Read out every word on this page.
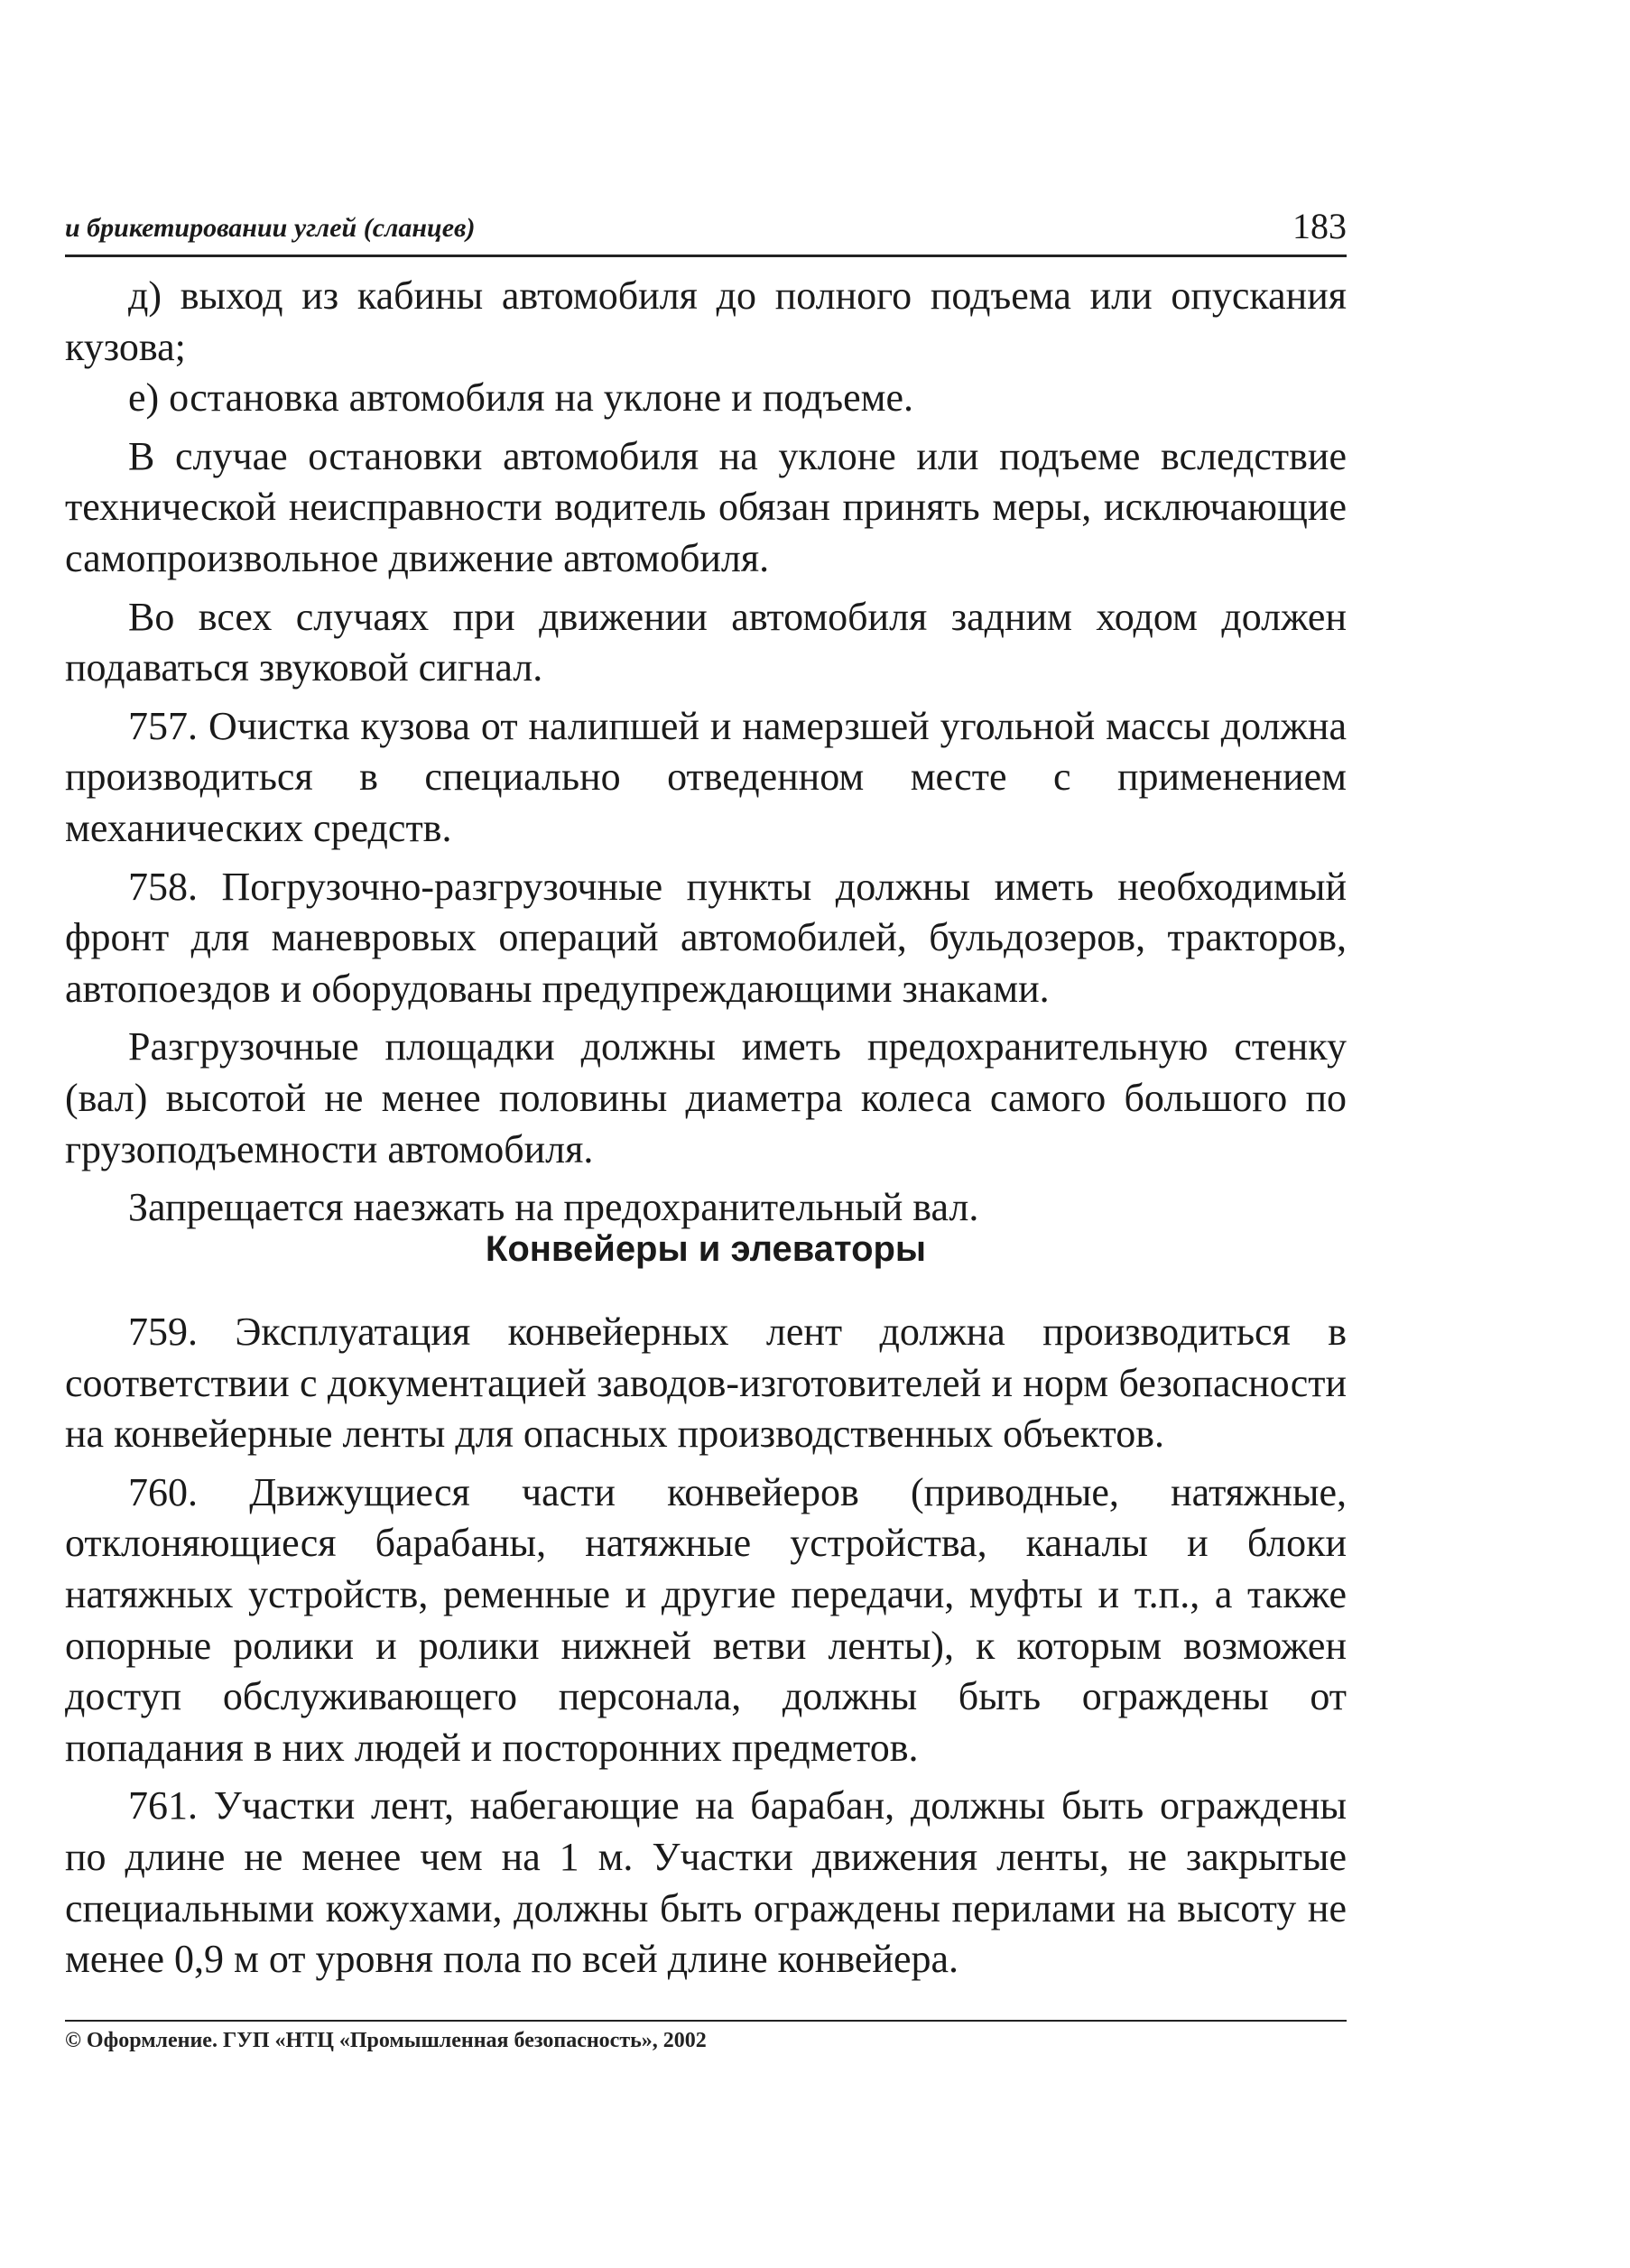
и брикетировании углей (сланцев)	183

д) выход из кабины автомобиля до полного подъема или опускания кузова;

е) остановка автомобиля на уклоне и подъеме.

В случае остановки автомобиля на уклоне или подъеме вследствие технической неисправности водитель обязан принять меры, исключающие самопроизвольное движение автомобиля.

Во всех случаях при движении автомобиля задним ходом должен подаваться звуковой сигнал.

757. Очистка кузова от налипшей и намерзшей угольной массы должна производиться в специально отведенном месте с применением механических средств.

758. Погрузочно-разгрузочные пункты должны иметь необходимый фронт для маневровых операций автомобилей, бульдозеров, тракторов, автопоездов и оборудованы предупреждающими знаками.

Разгрузочные площадки должны иметь предохранительную стенку (вал) высотой не менее половины диаметра колеса самого большого по грузоподъемности автомобиля.

Запрещается наезжать на предохранительный вал.

Конвейеры и элеваторы

759. Эксплуатация конвейерных лент должна производиться в соответствии с документацией заводов-изготовителей и норм безопасности на конвейерные ленты для опасных производственных объектов.

760. Движущиеся части конвейеров (приводные, натяжные, отклоняющиеся барабаны, натяжные устройства, каналы и блоки натяжных устройств, ременные и другие передачи, муфты и т.п., а также опорные ролики и ролики нижней ветви ленты), к которым возможен доступ обслуживающего персонала, должны быть ограждены от попадания в них людей и посторонних предметов.

761. Участки лент, набегающие на барабан, должны быть ограждены по длине не менее чем на 1 м. Участки движения ленты, не закрытые специальными кожухами, должны быть ограждены перилами на высоту не менее 0,9 м от уровня пола по всей длине конвейера.

© Оформление. ГУП «НТЦ «Промышленная безопасность», 2002
